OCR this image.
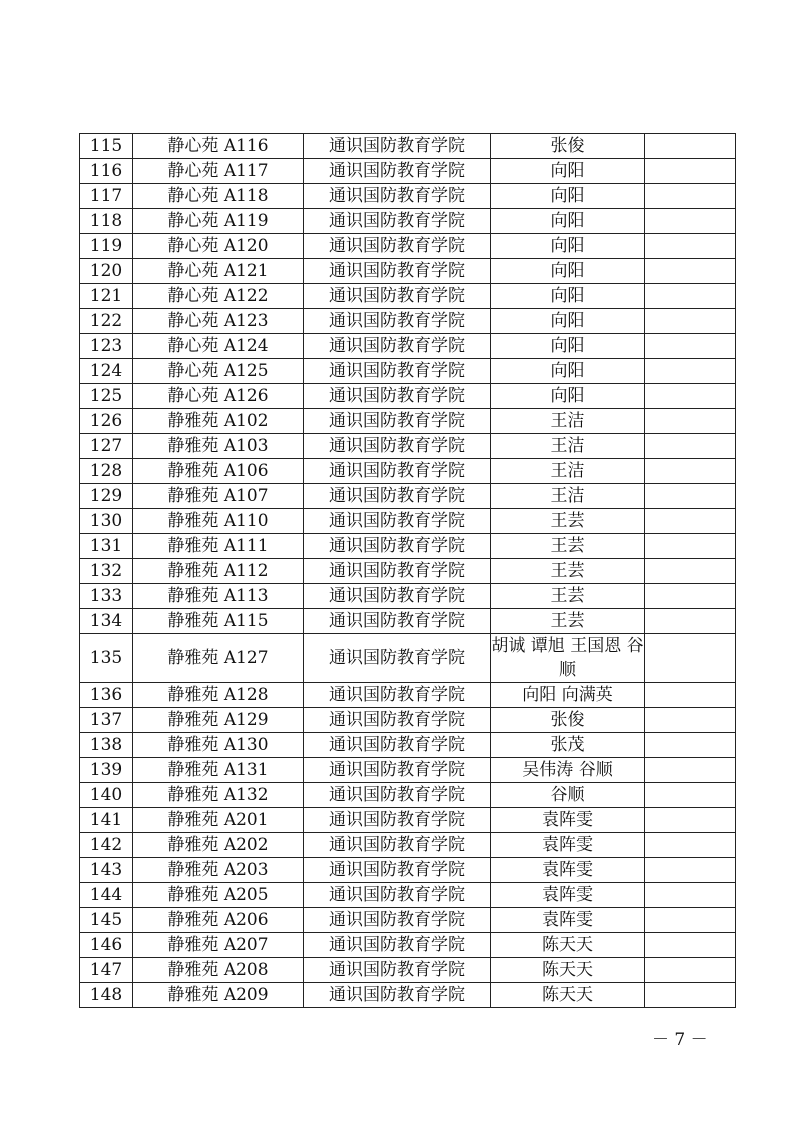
115	静心苑 A116	通识国防教育学院	张俊	
116	静心苑 A117	通识国防教育学院	向阳	
117	静心苑 A118	通识国防教育学院	向阳	
118	静心苑 A119	通识国防教育学院	向阳	
119	静心苑 A120	通识国防教育学院	向阳	
120	静心苑 A121	通识国防教育学院	向阳	
121	静心苑 A122	通识国防教育学院	向阳	
122	静心苑 A123	通识国防教育学院	向阳	
123	静心苑 A124	通识国防教育学院	向阳	
124	静心苑 A125	通识国防教育学院	向阳	
125	静心苑 A126	通识国防教育学院	向阳	
126	静雅苑 A102	通识国防教育学院	王洁	
127	静雅苑 A103	通识国防教育学院	王洁	
128	静雅苑 A106	通识国防教育学院	王洁	
129	静雅苑 A107	通识国防教育学院	王洁	
130	静雅苑 A110	通识国防教育学院	王芸	
131	静雅苑 A111	通识国防教育学院	王芸	
132	静雅苑 A112	通识国防教育学院	王芸	
133	静雅苑 A113	通识国防教育学院	王芸	
134	静雅苑 A115	通识国防教育学院	王芸	
135	静雅苑 A127	通识国防教育学院	胡诚 谭旭 王国恩 谷顺	
136	静雅苑 A128	通识国防教育学院	向阳 向满英	
137	静雅苑 A129	通识国防教育学院	张俊	
138	静雅苑 A130	通识国防教育学院	张茂	
139	静雅苑 A131	通识国防教育学院	吴伟涛 谷顺	
140	静雅苑 A132	通识国防教育学院	谷顺	
141	静雅苑 A201	通识国防教育学院	袁阵雯	
142	静雅苑 A202	通识国防教育学院	袁阵雯	
143	静雅苑 A203	通识国防教育学院	袁阵雯	
144	静雅苑 A205	通识国防教育学院	袁阵雯	
145	静雅苑 A206	通识国防教育学院	袁阵雯	
146	静雅苑 A207	通识国防教育学院	陈天天	
147	静雅苑 A208	通识国防教育学院	陈天天	
148	静雅苑 A209	通识国防教育学院	陈天天	
－ 7 －
